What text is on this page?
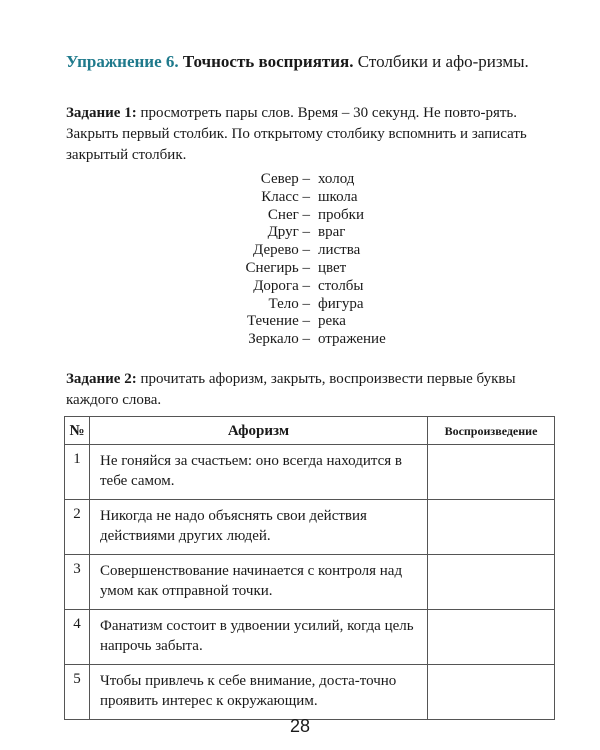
Упражнение 6. Точность восприятия. Столбики и афо-ризмы.
Задание 1: просмотреть пары слов. Время – 30 секунд. Не повто-рять. Закрыть первый столбик. По открытому столбику вспомнить и записать закрытый столбик.
Север – холод
Класс – школа
Снег – пробки
Друг – враг
Дерево – листва
Снегирь – цвет
Дорога – столбы
Тело – фигура
Течение – река
Зеркало – отражение
Задание 2: прочитать афоризм, закрыть, воспроизвести первые буквы каждого слова.
№	Афоризм	Воспроизведение
1	Не гоняйся за счастьем: оно всегда находится в тебе самом.	
2	Никогда не надо объяснять свои действия действиями других людей.	
3	Совершенствование начинается с контроля над умом как отправной точки.	
4	Фанатизм состоит в удвоении усилий, когда цель напрочь забыта.	
5	Чтобы привлечь к себе внимание, доста-точно проявить интерес к окружающим.	
28
